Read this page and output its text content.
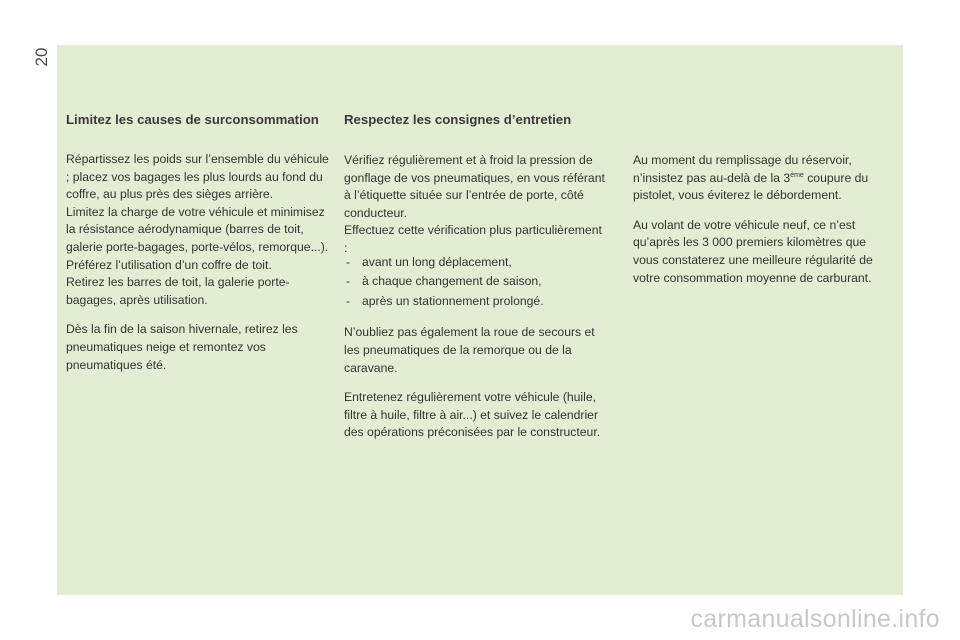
20
Limitez les causes de surconsommation

Répartissez les poids sur l’ensemble du véhicule ; placez vos bagages les plus lourds au fond du coffre, au plus près des sièges arrière.

Limitez la charge de votre véhicule et minimisez la résistance aérodynamique (barres de toit, galerie porte-bagages, porte-vélos, remorque...). Préférez l’utilisation d’un coffre de toit.

Retirez les barres de toit, la galerie porte-bagages, après utilisation.

Dès la fin de la saison hivernale, retirez les pneumatiques neige et remontez vos pneumatiques été.

Respectez les consignes d’entretien

Vérifiez régulièrement et à froid la pression de gonflage de vos pneumatiques, en vous référant à l’étiquette située sur l’entrée de porte, côté conducteur.

Effectuez cette vérification plus particulièrement :

- avant un long déplacement,
- à chaque changement de saison,
- après un stationnement prolongé.

N’oubliez pas également la roue de secours et les pneumatiques de la remorque ou de la caravane.

Entretenez régulièrement votre véhicule (huile, filtre à huile, filtre à air...) et suivez le calendrier des opérations préconisées par le constructeur.

Au moment du remplissage du réservoir, n’insistez pas au-delà de la 3ème coupure du pistolet, vous éviterez le débordement.

Au volant de votre véhicule neuf, ce n’est qu’après les 3 000 premiers kilomètres que vous constaterez une meilleure régularité de votre consommation moyenne de carburant.

carmanualsonline.info
